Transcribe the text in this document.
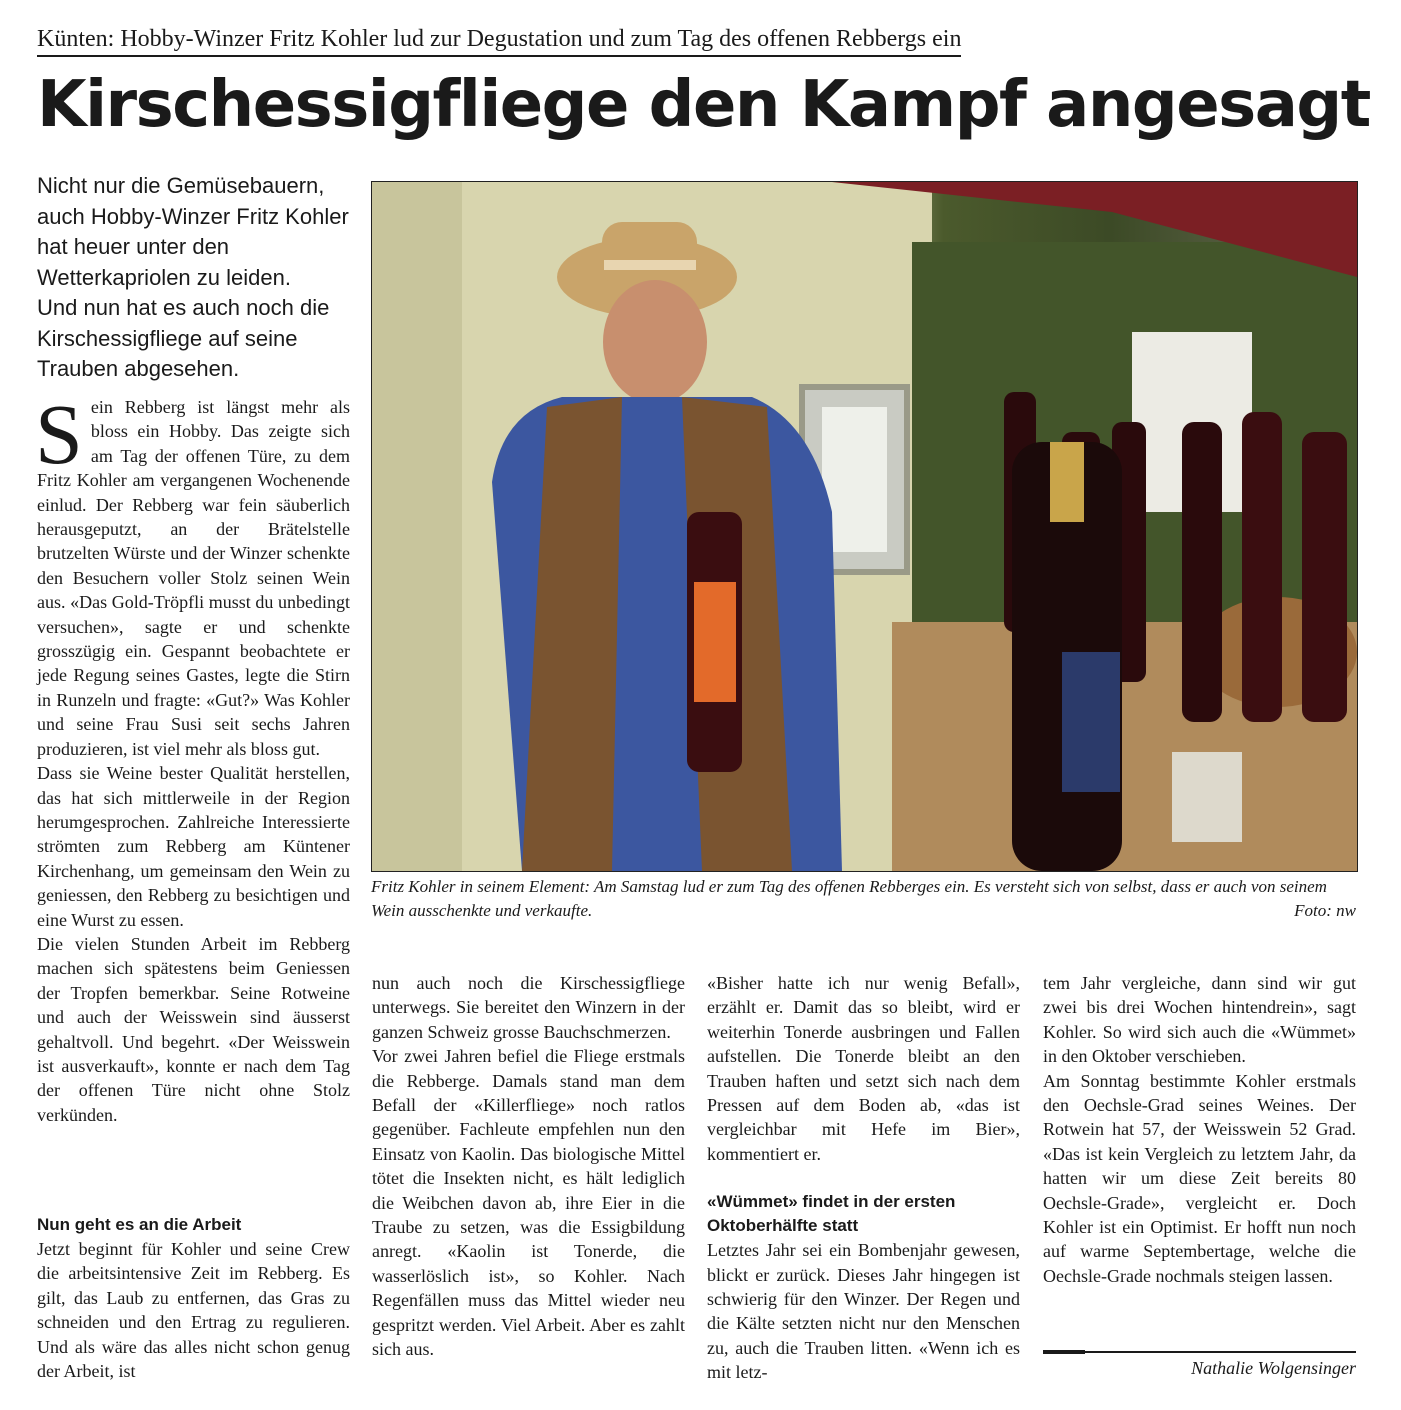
Künten: Hobby-Winzer Fritz Kohler lud zur Degustation und zum Tag des offenen Rebbergs ein
Kirschessigfliege den Kampf angesagt
Nicht nur die Gemüsebauern,
auch Hobby-Winzer Fritz Kohler
hat heuer unter den
Wetterkapriolen zu leiden.
Und nun hat es auch noch die
Kirschessigfliege auf seine
Trauben abgesehen.

Sein Rebberg ist längst mehr als bloss ein Hobby. Das zeigte sich am Tag der offenen Türe, zu dem Fritz Kohler am vergangenen Wochenende einlud. Der Rebberg war fein säuberlich herausgeputzt, an der Brätelstelle brutzelten Würste und der Winzer schenkte den Besuchern voller Stolz seinen Wein aus. «Das Gold-Tröpfli musst du unbedingt versuchen», sagte er und schenkte grosszügig ein. Gespannt beobachtete er jede Regung seines Gastes, legte die Stirn in Runzeln und fragte: «Gut?» Was Kohler und seine Frau Susi seit sechs Jahren produzieren, ist viel mehr als bloss gut.

Dass sie Weine bester Qualität herstellen, das hat sich mittlerweile in der Region herumgesprochen. Zahlreiche Interessierte strömten zum Rebberg am Küntener Kirchenhang, um gemeinsam den Wein zu geniessen, den Rebberg zu besichtigen und eine Wurst zu essen.

Die vielen Stunden Arbeit im Rebberg machen sich spätestens beim Geniessen der Tropfen bemerkbar. Seine Rotweine und auch der Weisswein sind äusserst gehaltvoll. Und begehrt. «Der Weisswein ist ausverkauft», konnte er nach dem Tag der offenen Türe nicht ohne Stolz verkünden.

Nun geht es an die Arbeit

Jetzt beginnt für Kohler und seine Crew die arbeitsintensive Zeit im Rebberg. Es gilt, das Laub zu entfernen, das Gras zu schneiden und den Ertrag zu regulieren. Und als wäre das alles nicht schon genug der Arbeit, ist

Fritz Kohler in seinem Element: Am Samstag lud er zum Tag des offenen Rebberges ein. Es versteht sich von selbst, dass er auch von seinem Wein ausschenkte und verkaufte.	Foto: nw

nun auch noch die Kirschessigfliege unterwegs. Sie bereitet den Winzern in der ganzen Schweiz grosse Bauchschmerzen.

Vor zwei Jahren befiel die Fliege erstmals die Rebberge. Damals stand man dem Befall der «Killerfliege» noch ratlos gegenüber. Fachleute empfehlen nun den Einsatz von Kaolin. Das biologische Mittel tötet die Insekten nicht, es hält lediglich die Weibchen davon ab, ihre Eier in die Traube zu setzen, was die Essigbildung anregt. «Kaolin ist Tonerde, die wasserlöslich ist», so Kohler. Nach Regenfällen muss das Mittel wieder neu gespritzt werden. Viel Arbeit. Aber es zahlt sich aus.

«Bisher hatte ich nur wenig Befall», erzählt er. Damit das so bleibt, wird er weiterhin Tonerde ausbringen und Fallen aufstellen. Die Tonerde bleibt an den Trauben haften und setzt sich nach dem Pressen auf dem Boden ab, «das ist vergleichbar mit Hefe im Bier», kommentiert er.

«Wümmet» findet in der ersten Oktoberhälfte statt

Letztes Jahr sei ein Bombenjahr gewesen, blickt er zurück. Dieses Jahr hingegen ist schwierig für den Winzer. Der Regen und die Kälte setzten nicht nur den Menschen zu, auch die Trauben litten. «Wenn ich es mit letz-

tem Jahr vergleiche, dann sind wir gut zwei bis drei Wochen hintendrein», sagt Kohler. So wird sich auch die «Wümmet» in den Oktober verschieben.

Am Sonntag bestimmte Kohler erstmals den Oechsle-Grad seines Weines. Der Rotwein hat 57, der Weisswein 52 Grad. «Das ist kein Vergleich zu letztem Jahr, da hatten wir um diese Zeit bereits 80 Oechsle-Grade», vergleicht er. Doch Kohler ist ein Optimist. Er hofft nun noch auf warme Septembertage, welche die Oechsle-Grade nochmals steigen lassen.

Nathalie Wolgensinger
